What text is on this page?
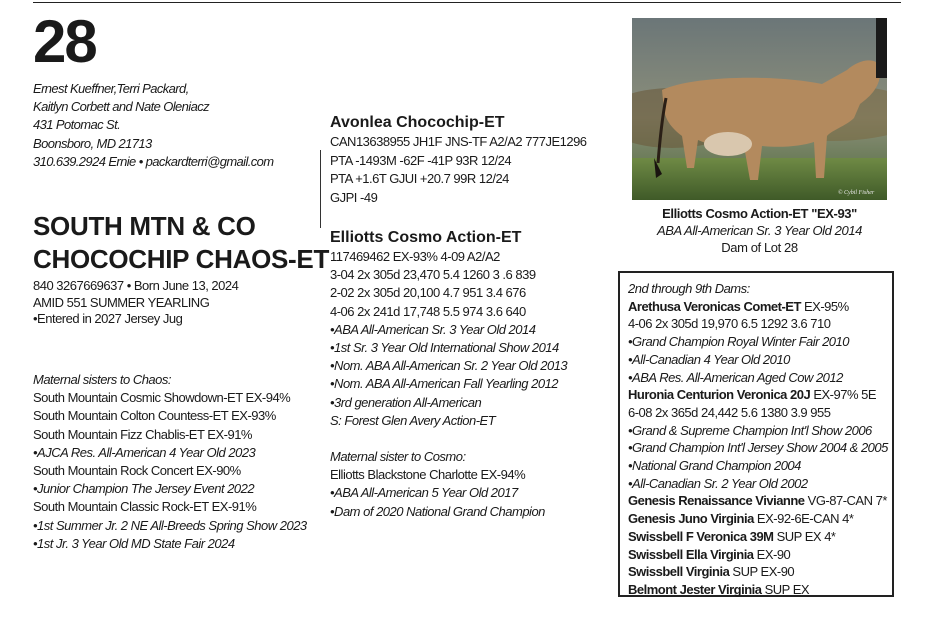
28
Ernest Kueffner,Terri Packard,
Kaitlyn Corbett and Nate Oleniacz
431 Potomac St.
Boonsboro, MD 21713
310.639.2924 Ernie • packardterri@gmail.com
SOUTH MTN & CO
CHOCOCHIP CHAOS-ET
840 3267669637 • Born June 13, 2024
AMID 551 SUMMER YEARLING
•Entered in 2027 Jersey Jug
Maternal sisters to Chaos:
South Mountain Cosmic Showdown-ET EX-94%
South Mountain Colton Countess-ET EX-93%
South Mountain Fizz Chablis-ET EX-91%
•AJCA Res. All-American 4 Year Old 2023
South Mountain Rock Concert EX-90%
•Junior Champion The Jersey Event 2022
South Mountain Classic Rock-ET EX-91%
•1st Summer Jr. 2 NE All-Breeds Spring Show 2023
•1st Jr. 3 Year Old MD State Fair 2024
Avonlea Chocochip-ET
CAN13638955 JH1F JNS-TF A2/A2 777JE1296
PTA -1493M -62F -41P 93R 12/24
PTA +1.6T GJUI +20.7 99R 12/24
GJPI -49
Elliotts Cosmo Action-ET
117469462 EX-93% 4-09 A2/A2
3-04 2x 305d 23,470 5.4 1260 3 .6 839
2-02 2x 305d 20,100 4.7 951 3.4 676
4-06 2x 241d 17,748 5.5 974 3.6 640
•ABA All-American Sr. 3 Year Old 2014
•1st Sr. 3 Year Old International Show 2014
•Nom. ABA All-American Sr. 2 Year Old 2013
•Nom. ABA All-American Fall Yearling 2012
•3rd generation All-American
S: Forest Glen Avery Action-ET
Maternal sister to Cosmo:
Elliotts Blackstone Charlotte EX-94%
•ABA All-American 5 Year Old 2017
•Dam of 2020 National Grand Champion
© Cybil Fisher
Elliotts Cosmo Action-ET "EX-93"
ABA All-American Sr. 3 Year Old 2014
Dam of Lot 28
2nd through 9th Dams:
Arethusa Veronicas Comet-ET EX-95%
4-06 2x 305d 19,970 6.5 1292 3.6 710
•Grand Champion Royal Winter Fair 2010
•All-Canadian 4 Year Old 2010
•ABA Res. All-American Aged Cow 2012
Huronia Centurion Veronica 20J EX-97% 5E
6-08 2x 365d 24,442 5.6 1380 3.9 955
•Grand & Supreme Champion Int'l Show 2006
•Grand Champion Int'l Jersey Show 2004 & 2005
•National Grand Champion 2004
•All-Canadian Sr. 2 Year Old 2002
Genesis Renaissance Vivianne VG-87-CAN 7*
Genesis Juno Virginia EX-92-6E-CAN 4*
Swissbell F Veronica 39M SUP EX 4*
Swissbell Ella Virginia EX-90
Swissbell Virginia SUP EX-90
Belmont Jester Virginia SUP EX
